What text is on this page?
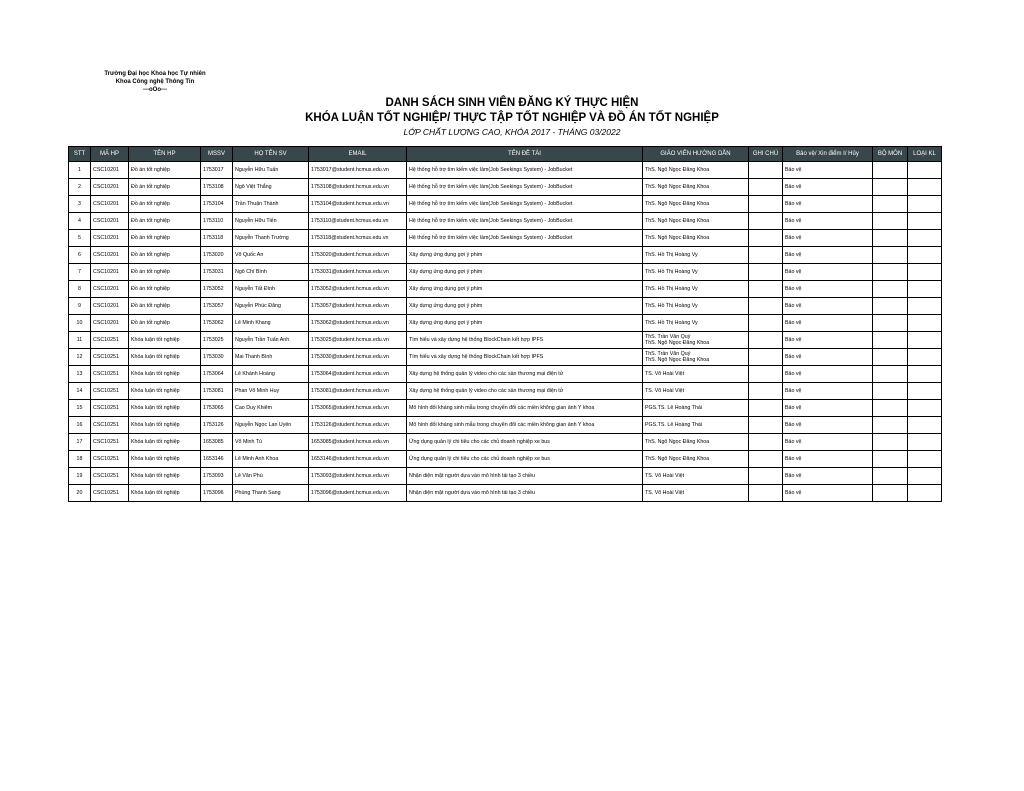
Trường Đại học Khoa học Tự nhiên
Khoa Công nghệ Thông Tin
---oOo---
DANH SÁCH SINH VIÊN ĐĂNG KÝ THỰC HIỆN
KHÓA LUẬN TỐT NGHIỆP/ THỰC TẬP TỐT NGHIỆP VÀ ĐỒ ÁN TỐT NGHIỆP
LỚP CHẤT LƯỢNG CAO, KHÓA 2017 - THÁNG 03/2022
STT	MÃ HP	TÊN HP	MSSV	HỌ TÊN SV	EMAIL	TÊN ĐỀ TÀI	GIÁO VIÊN HƯỚNG DẪN	GHI CHÚ	Bảo vệ/ Xin điểm I/ Hủy	BỘ MÔN	LOẠI KL
1	CSC10201	Đồ án tốt nghiệp	1753017	Nguyễn Hữu Tuấn	1753017@student.hcmus.edu.vn	Hệ thống hỗ trợ tìm kiếm việc làm(Job Seekings System) - JobBucket	ThS. Ngô Ngọc Đăng Khoa		Bảo vệ		
2	CSC10201	Đồ án tốt nghiệp	1753108	Ngô Việt Thắng	1753108@student.hcmus.edu.vn	Hệ thống hỗ trợ tìm kiếm việc làm(Job Seekings System) - JobBucket	ThS. Ngô Ngọc Đăng Khoa		Bảo vệ		
3	CSC10201	Đồ án tốt nghiệp	1753104	Trần Thuận Thành	1753104@student.hcmus.edu.vn	Hệ thống hỗ trợ tìm kiếm việc làm(Job Seekings System) - JobBucket	ThS. Ngô Ngọc Đăng Khoa		Bảo vệ		
4	CSC10201	Đồ án tốt nghiệp	1753110	Nguyễn Hữu Tiến	1753110@student.hcmus.edu.vn	Hệ thống hỗ trợ tìm kiếm việc làm(Job Seekings System) - JobBucket	ThS. Ngô Ngọc Đăng Khoa		Bảo vệ		
5	CSC10201	Đồ án tốt nghiệp	1753118	Nguyễn Thanh Trường	1753118@student.hcmus.edu.vn	Hệ thống hỗ trợ tìm kiếm việc làm(Job Seekings System) - JobBucket	ThS. Ngô Ngọc Đăng Khoa		Bảo vệ		
6	CSC10201	Đồ án tốt nghiệp	1753020	Võ Quốc An	1753020@student.hcmus.edu.vn	Xây dựng ứng dụng gợi ý phim	ThS. Hồ Thị Hoàng Vy		Bảo vệ		
7	CSC10201	Đồ án tốt nghiệp	1753031	Ngô Chí Bình	1753031@student.hcmus.edu.vn	Xây dựng ứng dụng gợi ý phim	ThS. Hồ Thị Hoàng Vy		Bảo vệ		
8	CSC10201	Đồ án tốt nghiệp	1753052	Nguyễn Tất Đình	1753052@student.hcmus.edu.vn	Xây dựng ứng dụng gợi ý phim	ThS. Hồ Thị Hoàng Vy		Bảo vệ		
9	CSC10201	Đồ án tốt nghiệp	1753057	Nguyễn Phúc Đăng	1753057@student.hcmus.edu.vn	Xây dựng ứng dụng gợi ý phim	ThS. Hồ Thị Hoàng Vy		Bảo vệ		
10	CSC10201	Đồ án tốt nghiệp	1753062	Lê Minh Khang	1753062@student.hcmus.edu.vn	Xây dựng ứng dụng gợi ý phim	ThS. Hồ Thị Hoàng Vy		Bảo vệ		
11	CSC10251	Khóa luận tốt nghiệp	1753025	Nguyễn Trần Tuấn Anh	1753025@student.hcmus.edu.vn	Tìm hiểu và xây dựng hệ thống BlockChain kết hợp IPFS	ThS. Trần Văn Quý
ThS. Ngô Ngọc Đăng Khoa		Bảo vệ		
12	CSC10251	Khóa luận tốt nghiệp	1753030	Mai Thanh Bình	1753030@student.hcmus.edu.vn	Tìm hiểu và xây dựng hệ thống BlockChain kết hợp IPFS	ThS. Trần Văn Quý
ThS. Ngô Ngọc Đăng Khoa		Bảo vệ		
13	CSC10251	Khóa luận tốt nghiệp	1753064	Lê Khánh Hoàng	1753064@student.hcmus.edu.vn	Xây dựng hệ thống quản lý video cho các sàn thương mại điện tử	TS. Võ Hoài Việt		Bảo vệ		
14	CSC10251	Khóa luận tốt nghiệp	1753081	Phan Võ Minh Huy	1753081@student.hcmus.edu.vn	Xây dựng hệ thống quản lý video cho các sàn thương mại điện tử	TS. Võ Hoài Việt		Bảo vệ		
15	CSC10251	Khóa luận tốt nghiệp	1753065	Cao Duy Khiêm	1753065@student.hcmus.edu.vn	Mô hình đối kháng sinh mẫu trong chuyển đổi các miền không gian ảnh Y khoa	PGS.TS. Lê Hoàng Thái		Bảo vệ		
16	CSC10251	Khóa luận tốt nghiệp	1753126	Nguyễn Ngọc Lan Uyên	1753126@student.hcmus.edu.vn	Mô hình đối kháng sinh mẫu trong chuyển đổi các miền không gian ảnh Y khoa	PGS.TS. Lê Hoàng Thái		Bảo vệ		
17	CSC10251	Khóa luận tốt nghiệp	1653085	Võ Minh Tú	1653085@student.hcmus.edu.vn	Ứng dụng quản lý chi tiêu cho các chủ doanh nghiệp xe bus	ThS. Ngô Ngọc Đăng Khoa		Bảo vệ		
18	CSC10251	Khóa luận tốt nghiệp	1653146	Lê Minh Anh Khoa	1653146@student.hcmus.edu.vn	Ứng dụng quản lý chi tiêu cho các chủ doanh nghiệp xe bus	ThS. Ngô Ngọc Đăng Khoa		Bảo vệ		
19	CSC10251	Khóa luận tốt nghiệp	1753093	Lê Văn Phú	1753093@student.hcmus.edu.vn	Nhận diện mặt người dựa vào mô hình tái tạo 3 chiều	TS. Võ Hoài Việt		Bảo vệ		
20	CSC10251	Khóa luận tốt nghiệp	1753096	Phùng Thanh Sang	1753096@student.hcmus.edu.vn	Nhận diện mặt người dựa vào mô hình tái tạo 3 chiều	TS. Võ Hoài Việt		Bảo vệ		
